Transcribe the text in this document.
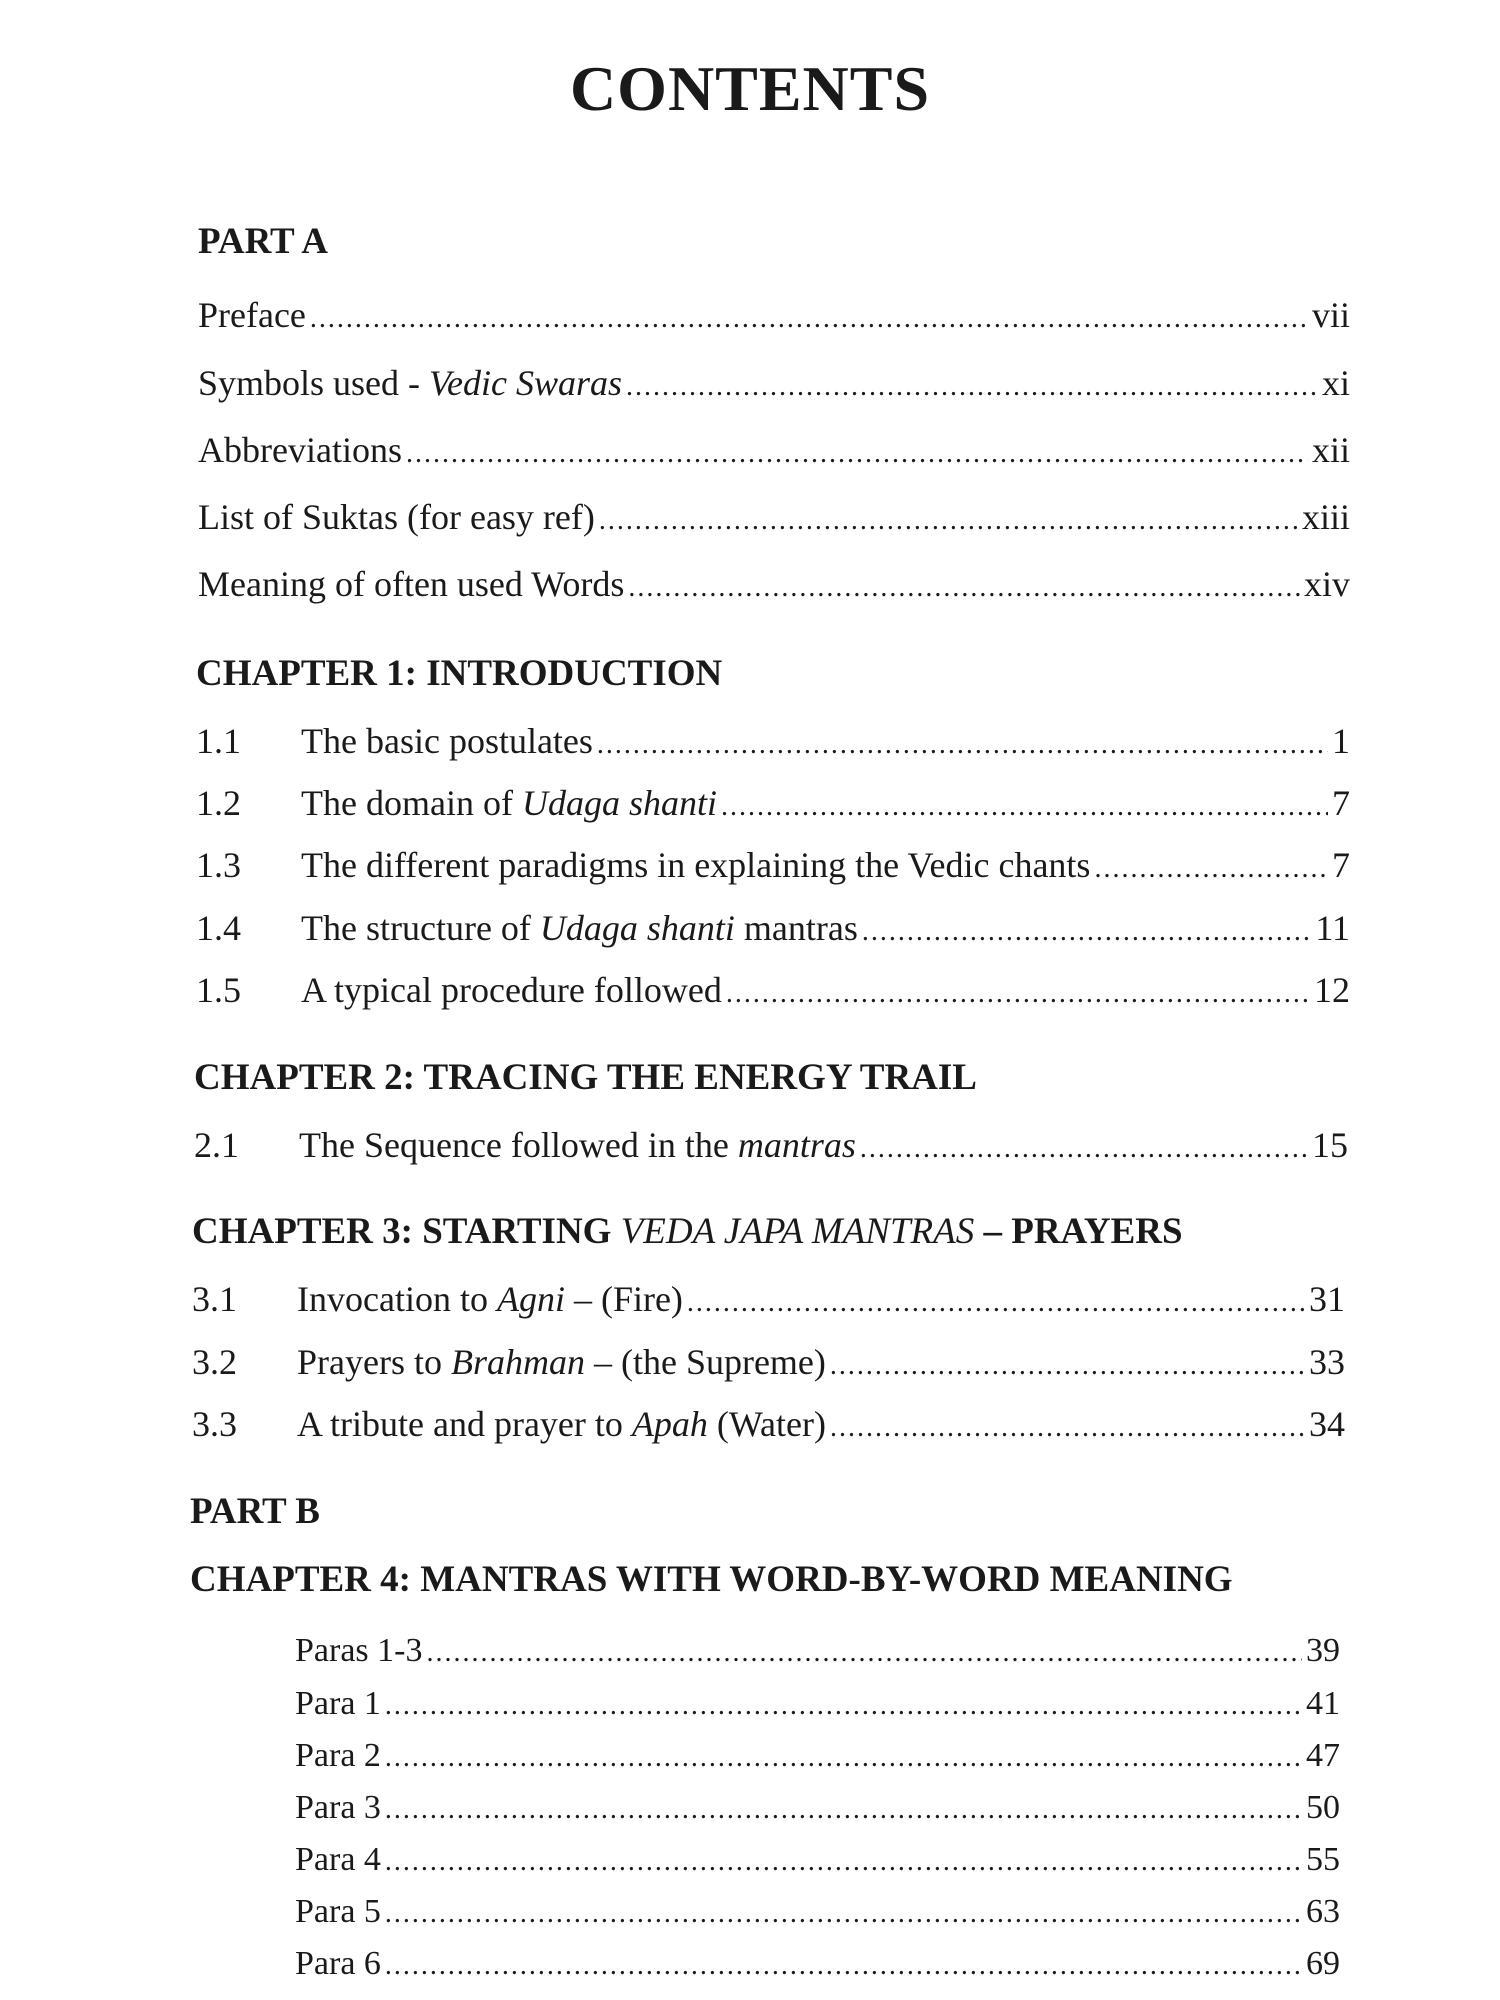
CONTENTS
PART A
Preface .....	vii
Symbols used - Vedic Swaras .....	xi
Abbreviations .....	xii
List of Suktas (for easy ref) .....	xiii
Meaning of often used Words .....	xiv
CHAPTER 1: INTRODUCTION
1.1	The basic postulates .....	1
1.2	The domain of Udaga shanti .....	7
1.3	The different paradigms in explaining the Vedic chants .....	7
1.4	The structure of Udaga shanti mantras .....	11
1.5	A typical procedure followed .....	12
CHAPTER 2: TRACING THE ENERGY TRAIL
2.1	The Sequence followed in the mantras .....	15
CHAPTER 3: STARTING VEDA JAPA MANTRAS – PRAYERS
3.1	Invocation to Agni – (Fire) .....	31
3.2	Prayers to Brahman – (the Supreme) .....	33
3.3	A tribute and prayer to Apah (Water) .....	34
PART B
CHAPTER 4: MANTRAS WITH WORD-BY-WORD MEANING
Paras 1-3 .....	39
Para 1 .....	41
Para 2 .....	47
Para 3 .....	50
Para 4 .....	55
Para 5 .....	63
Para 6 .....	69
